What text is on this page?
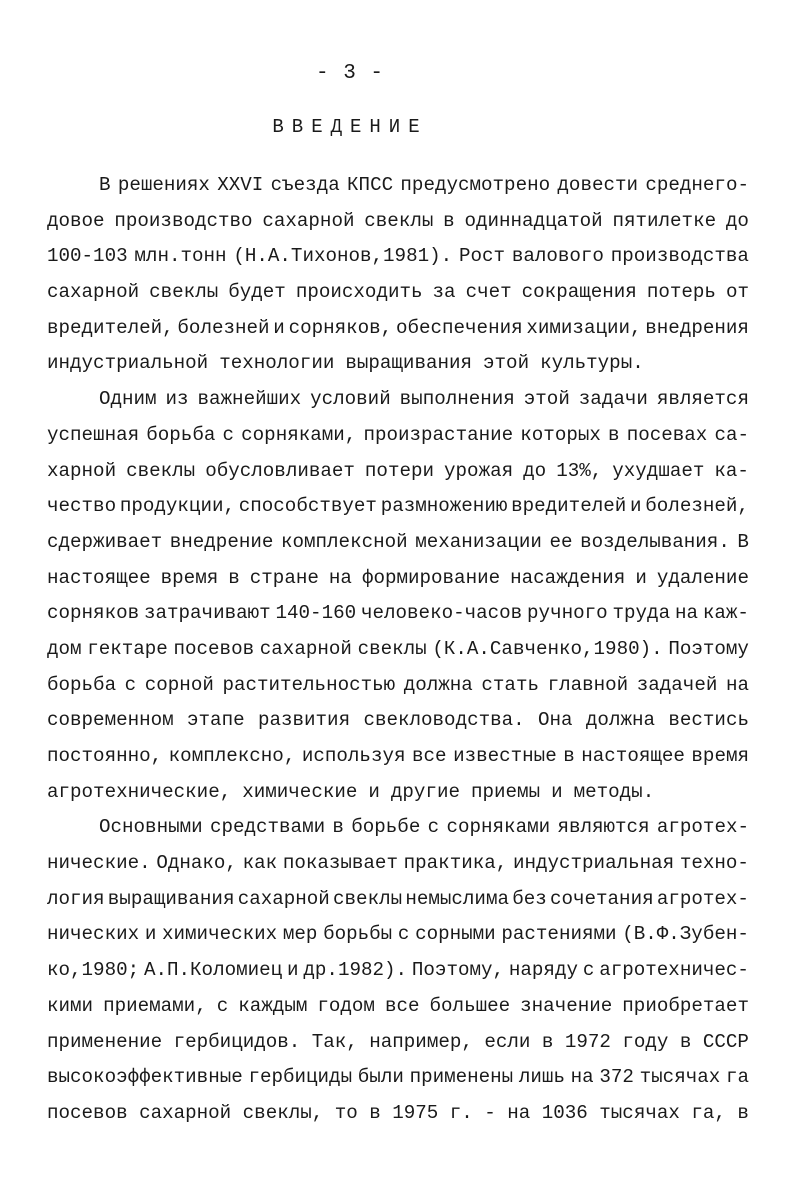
- 3 -
ВВЕДЕНИЕ
В решениях XXVI съезда КПСС предусмотрено довести среднего-
довое производство сахарной свеклы в одиннадцатой пятилетке до
100-103 млн.тонн (Н.А.Тихонов,1981). Рост валового производства
сахарной свеклы будет происходить за счет сокращения потерь от
вредителей, болезней и сорняков, обеспечения химизации, внедрения
индустриальной технологии выращивания этой культуры.
Одним из важнейших условий выполнения этой задачи является
успешная борьба с сорняками, произрастание которых в посевах са-
харной свеклы обусловливает потери урожая до 13%, ухудшает ка-
чество продукции, способствует размножению вредителей и болезней,
сдерживает внедрение комплексной механизации ее возделывания. В
настоящее время в стране на формирование насаждения и удаление
сорняков затрачивают 140-160 человеко-часов ручного труда на каж-
дом гектаре посевов сахарной свеклы (К.А.Савченко,1980). Поэтому
борьба с сорной растительностью должна стать главной задачей на
современном этапе развития свекловодства. Она должна вестись
постоянно, комплексно, используя все известные в настоящее время
агротехнические, химические и другие приемы и методы.
Основными средствами в борьбе с сорняками являются агротех-
нические. Однако, как показывает практика, индустриальная техно-
логия выращивания сахарной свеклы немыслима без сочетания агротех-
нических и химических мер борьбы с сорными растениями (В.Ф.Зубен-
ко,1980; А.П.Коломиец и др.1982). Поэтому, наряду с агротехничес-
кими приемами, с каждым годом все большее значение приобретает
применение гербицидов. Так, например, если в 1972 году в СССР
высокоэффективные гербициды были применены лишь на 372 тысячах га
посевов сахарной свеклы, то в 1975 г. - на 1036 тысячах га, в
